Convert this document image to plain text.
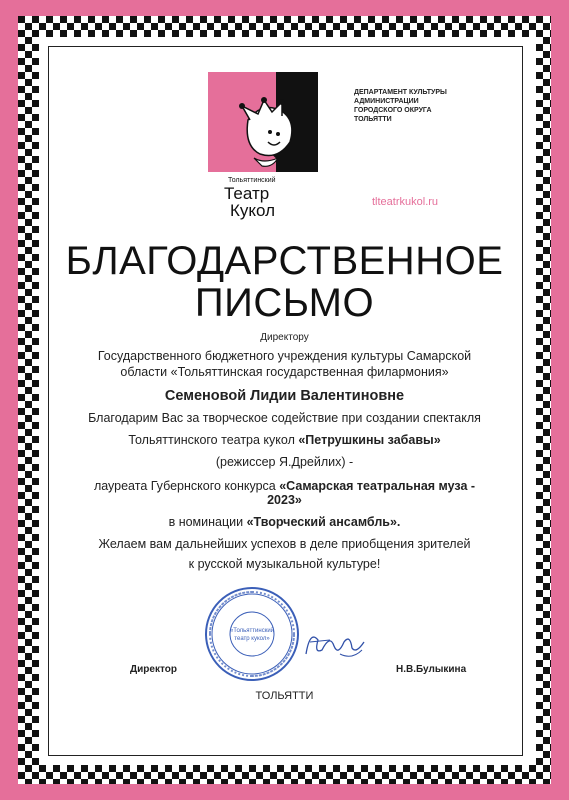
Тольяттинский
Театр
Кукол
ДЕПАРТАМЕНТ КУЛЬТУРЫ
АДМИНИСТРАЦИИ
ГОРОДСКОГО ОКРУГА
ТОЛЬЯТТИ
tlteatrkukol.ru
БЛАГОДАРСТВЕННОЕ
ПИСЬМО
Директору
Государственного бюджетного учреждения культуры Самарской
области «Тольяттинская государственная филармония»
Семеновой Лидии Валентиновне
Благодарим Вас за творческое содействие при создании спектакля
Тольяттинского театра кукол «Петрушкины забавы»
(режиссер Я.Дрейлих) -
лауреата Губернского конкурса «Самарская театральная муза -
2023»
в номинации «Творческий ансамбль».
Желаем вам дальнейших успехов в деле приобщения зрителей
к русской музыкальной культуре!
«Тольяттинский
театр кукол»
Директор	Н.В.Булыкина
ТОЛЬЯТТИ
